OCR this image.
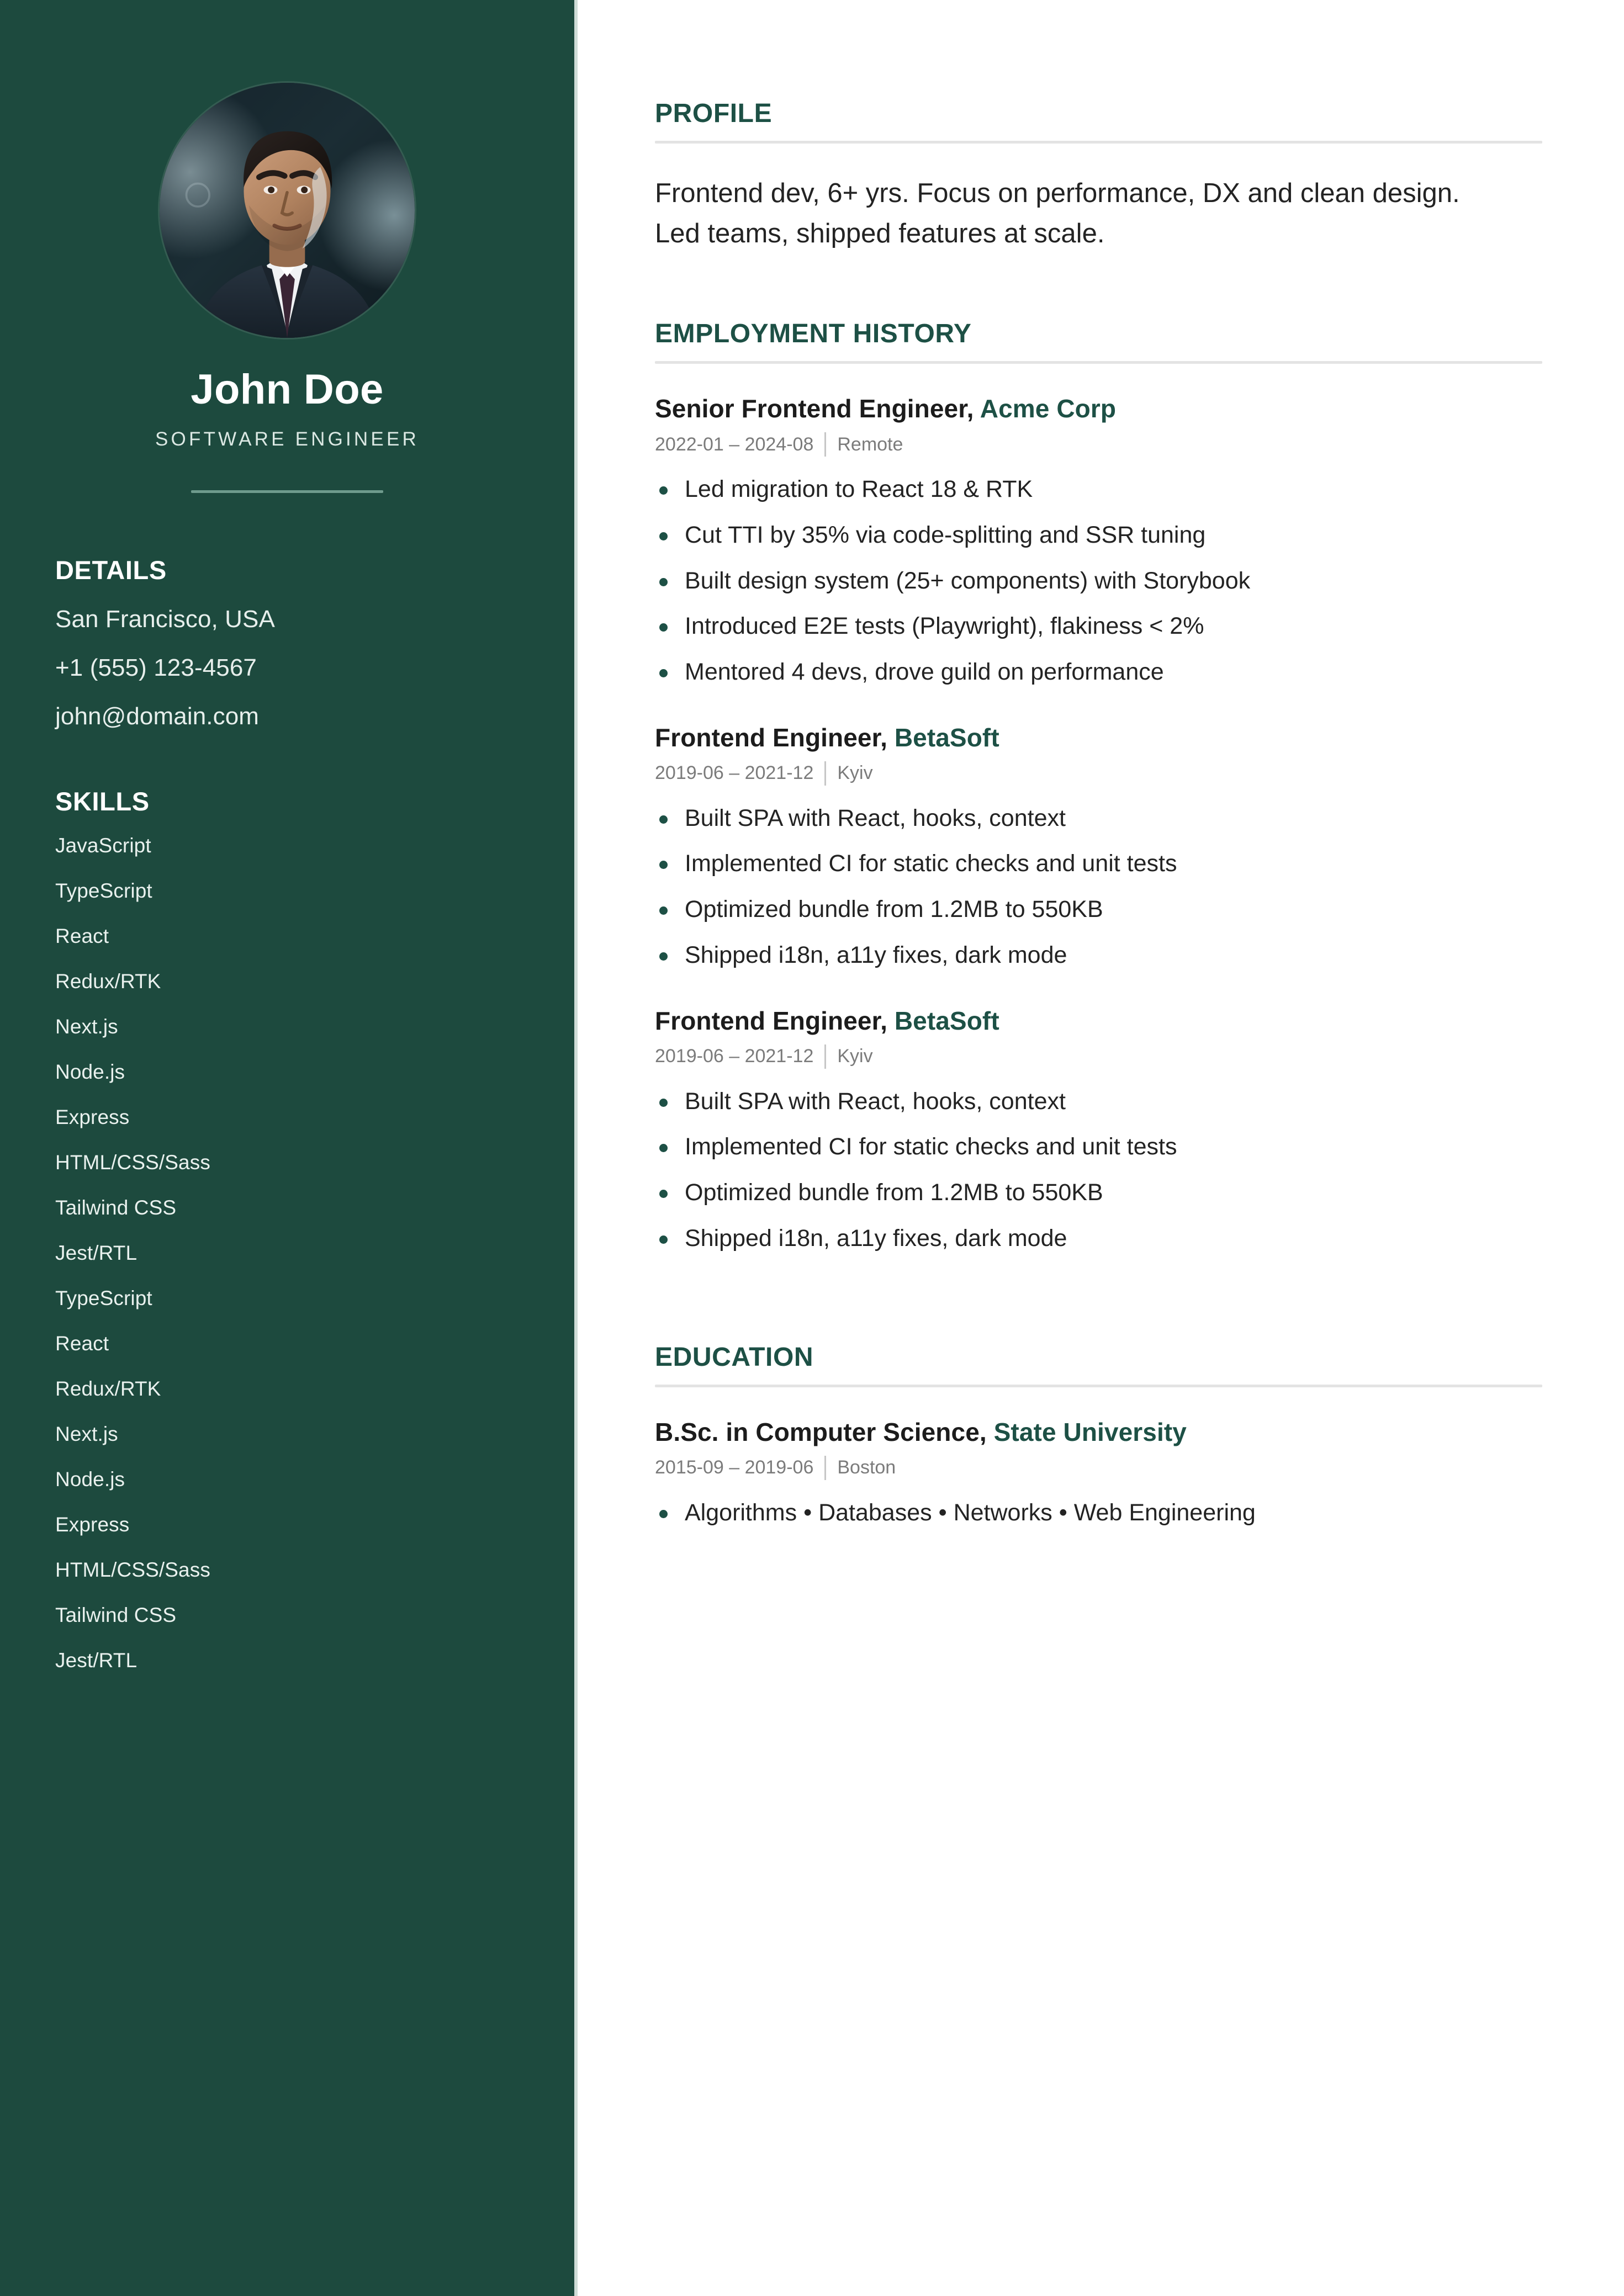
John Doe
SOFTWARE ENGINEER
DETAILS
San Francisco, USA
+1 (555) 123-4567
john@domain.com
SKILLS
JavaScript
TypeScript
React
Redux/RTK
Next.js
Node.js
Express
HTML/CSS/Sass
Tailwind CSS
Jest/RTL
TypeScript
React
Redux/RTK
Next.js
Node.js
Express
HTML/CSS/Sass
Tailwind CSS
Jest/RTL
PROFILE

Frontend dev, 6+ yrs. Focus on performance, DX and clean design. Led teams, shipped features at scale.

EMPLOYMENT HISTORY
Senior Frontend Engineer, Acme Corp
2022-01 – 2024-08 Remote
Led migration to React 18 & RTK
Cut TTI by 35% via code-splitting and SSR tuning
Built design system (25+ components) with Storybook
Introduced E2E tests (Playwright), flakiness < 2%
Mentored 4 devs, drove guild on performance
Frontend Engineer, BetaSoft
2019-06 – 2021-12 Kyiv
Built SPA with React, hooks, context
Implemented CI for static checks and unit tests
Optimized bundle from 1.2MB to 550KB
Shipped i18n, a11y fixes, dark mode
Frontend Engineer, BetaSoft
2019-06 – 2021-12 Kyiv
Built SPA with React, hooks, context
Implemented CI for static checks and unit tests
Optimized bundle from 1.2MB to 550KB
Shipped i18n, a11y fixes, dark mode
EDUCATION
B.Sc. in Computer Science, State University
2015-09 – 2019-06 Boston
Algorithms • Databases • Networks • Web Engineering
